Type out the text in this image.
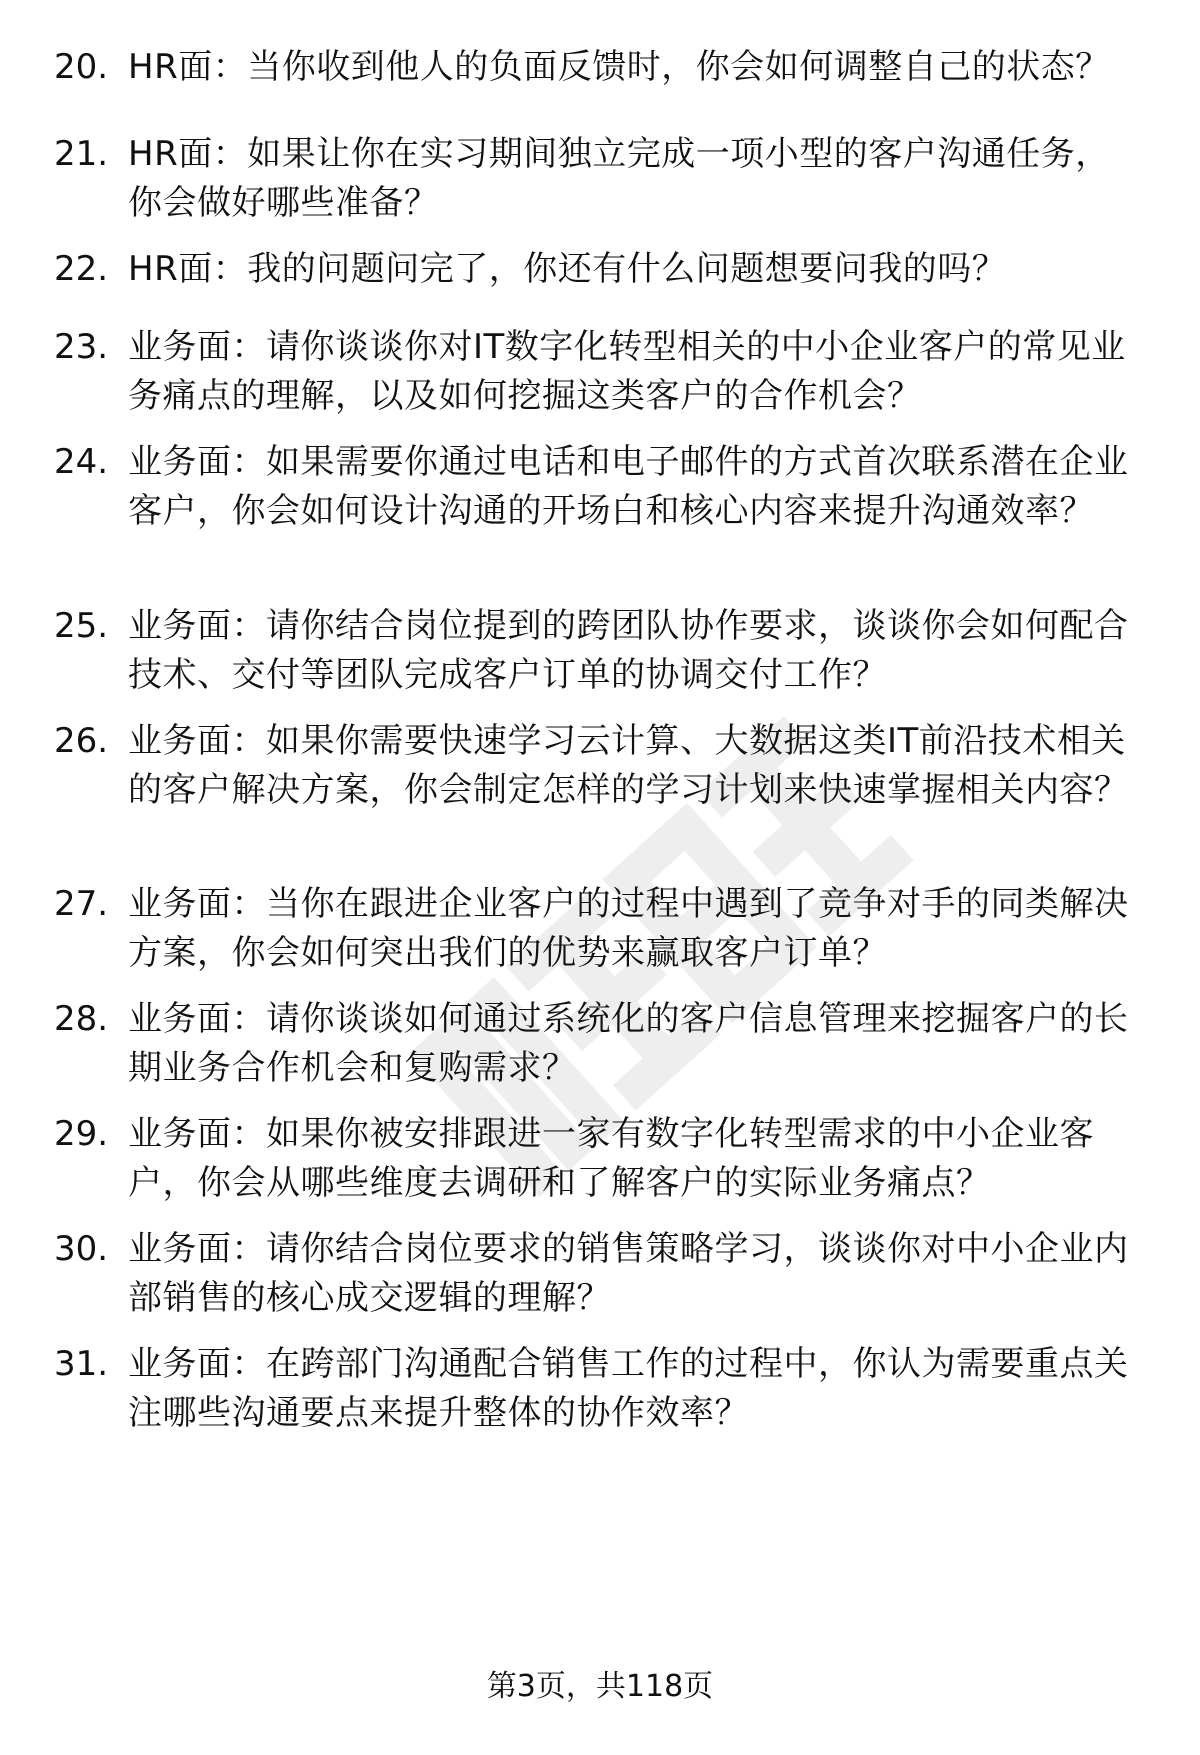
20. HR面：当你收到他人的负面反馈时，你会如何调整自己的状态？
21. HR面：如果让你在实习期间独立完成一项小型的客户沟通任务，你会做好哪些准备？
22. HR面：我的问题问完了，你还有什么问题想要问我的吗？
23. 业务面：请你谈谈你对IT数字化转型相关的中小企业客户的常见业务痛点的理解，以及如何挖掘这类客户的合作机会？
24. 业务面：如果需要你通过电话和电子邮件的方式首次联系潜在企业客户，你会如何设计沟通的开场白和核心内容来提升沟通效率？
25. 业务面：请你结合岗位提到的跨团队协作要求，谈谈你会如何配合技术、交付等团队完成客户订单的协调交付工作？
26. 业务面：如果你需要快速学习云计算、大数据这类IT前沿技术相关的客户解决方案，你会制定怎样的学习计划来快速掌握相关内容？
27. 业务面：当你在跟进企业客户的过程中遇到了竞争对手的同类解决方案，你会如何突出我们的优势来赢取客户订单？
28. 业务面：请你谈谈如何通过系统化的客户信息管理来挖掘客户的长期业务合作机会和复购需求？
29. 业务面：如果你被安排跟进一家有数字化转型需求的中小企业客户，你会从哪些维度去调研和了解客户的实际业务痛点？
30. 业务面：请你结合岗位要求的销售策略学习，谈谈你对中小企业内部销售的核心成交逻辑的理解？
31. 业务面：在跨部门沟通配合销售工作的过程中，你认为需要重点关注哪些沟通要点来提升整体的协作效率？
第3页，共118页
